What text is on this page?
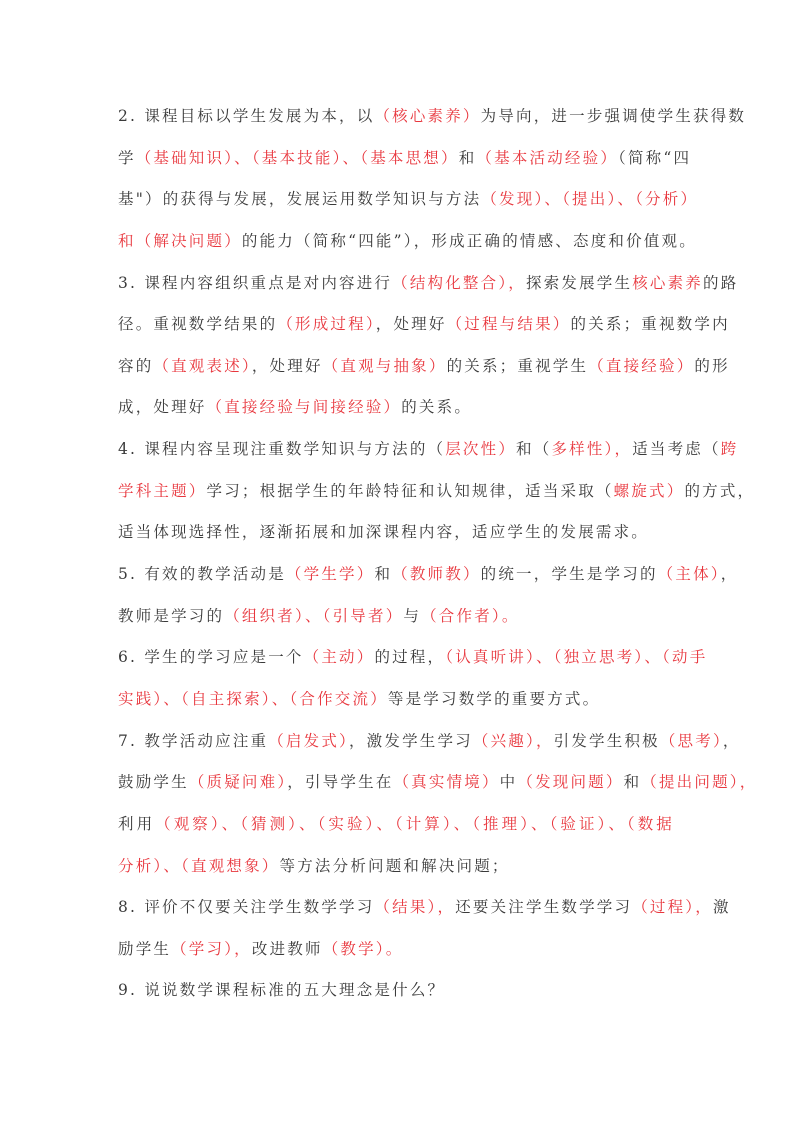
2. 课程目标以学生发展为本，以（核心素养）为导向，进一步强调使学生获得数
学（基础知识）、（基本技能）、（基本思想）和（基本活动经验）（简称“四
基"）的获得与发展，发展运用数学知识与方法（发现）、（提出）、（分析）
和（解决问题）的能力（简称“四能”），形成正确的情感、态度和价值观。
3. 课程内容组织重点是对内容进行（结构化整合），探索发展学生核心素养的路
径。重视数学结果的（形成过程），处理好（过程与结果）的关系；重视数学内
容的（直观表述），处理好（直观与抽象）的关系；重视学生（直接经验）的形
成，处理好（直接经验与间接经验）的关系。
4. 课程内容呈现注重数学知识与方法的（层次性）和（多样性），适当考虑（跨
学科主题）学习；根据学生的年龄特征和认知规律，适当采取（螺旋式）的方式，
适当体现选择性，逐渐拓展和加深课程内容，适应学生的发展需求。
5. 有效的教学活动是（学生学）和（教师教）的统一，学生是学习的（主体），
教师是学习的（组织者）、（引导者）与（合作者）。
6. 学生的学习应是一个（主动）的过程，（认真听讲）、（独立思考）、（动手
实践）、（自主探索）、（合作交流）等是学习数学的重要方式。
7. 教学活动应注重（启发式），激发学生学习（兴趣），引发学生积极（思考），
鼓励学生（质疑问难），引导学生在（真实情境）中（发现问题）和（提出问题），
利用（观察）、（猜测）、（实验）、（计算）、（推理）、（验证）、（数据
分析）、（直观想象）等方法分析问题和解决问题；
8. 评价不仅要关注学生数学学习（结果），还要关注学生数学学习（过程），激
励学生（学习），改进教师（教学）。
9. 说说数学课程标准的五大理念是什么？
